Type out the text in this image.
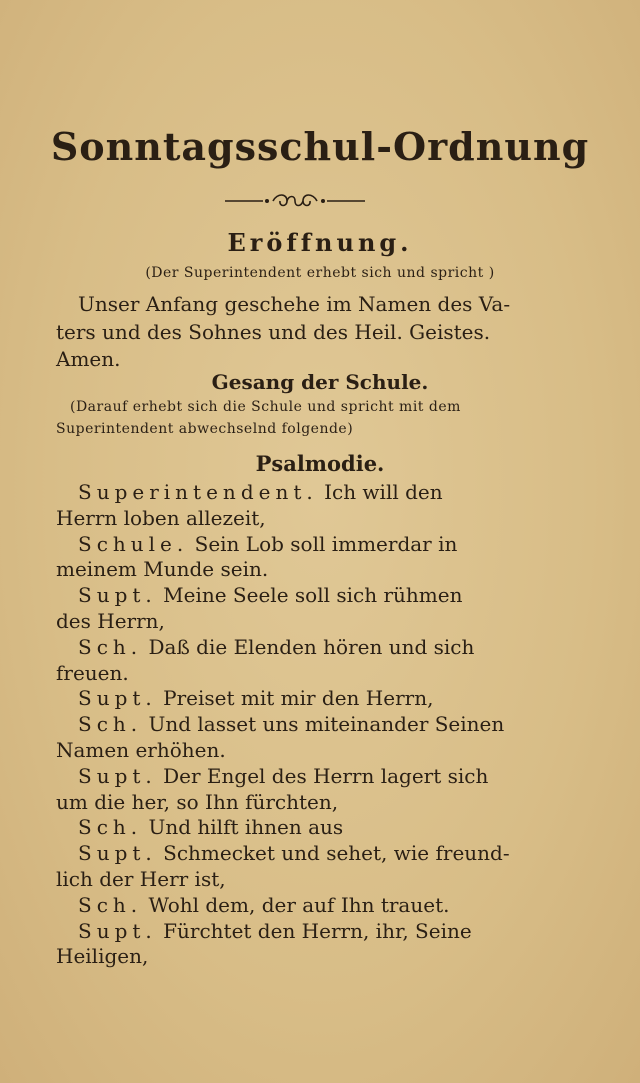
Sonntagsschul-Ordnung
Eröffnung.
(Der Superintendent erhebt sich und spricht )
Unser Anfang geschehe im Namen des Va-
ters und des Sohnes und des Heil. Geistes.
Amen.
Gesang der Schule.
(Darauf erhebt sich die Schule und spricht mit dem
Superintendent abwechselnd folgende)
Psalmodie.
Superintendent. Ich will den
Herrn loben allezeit,
Schule. Sein Lob soll immerdar in
meinem Munde sein.
Supt. Meine Seele soll sich rühmen
des Herrn,
Sch. Daß die Elenden hören und sich
freuen.
Supt. Preiset mit mir den Herrn,
Sch. Und lasset uns miteinander Seinen
Namen erhöhen.
Supt. Der Engel des Herrn lagert sich
um die her, so Ihn fürchten,
Sch. Und hilft ihnen aus
Supt. Schmecket und sehet, wie freund-
lich der Herr ist,
Sch. Wohl dem, der auf Ihn trauet.
Supt. Fürchtet den Herrn, ihr, Seine
Heiligen,
